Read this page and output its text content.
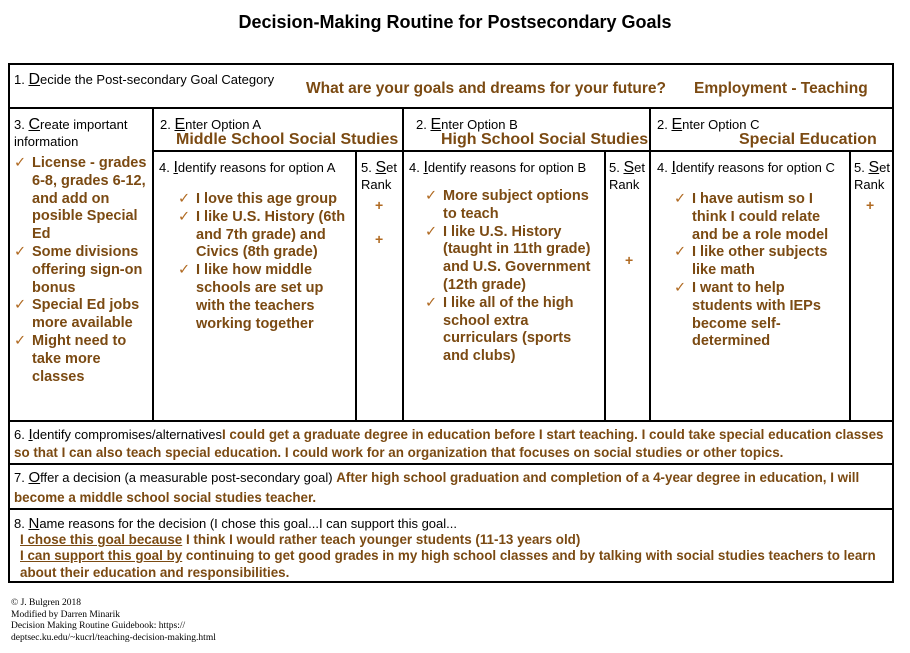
Decision-Making Routine for Postsecondary Goals
1. Decide the Post-secondary Goal Category
What are your goals and dreams for your future? Employment - Teaching
3. Create important information
✓ License - grades 6-8, grades 6-12, and add on posible Special Ed
✓ Some divisions offering sign-on bonus
✓ Special Ed jobs more available
✓ Might need to take more classes
2. Enter Option A
Middle School Social Studies
4. Identify reasons for option A
✓ I love this age group
✓ I like U.S. History (6th and 7th grade) and Civics (8th grade)
✓ I like how middle schools are set up with the teachers working together
5. Set Rank
+
+
2. Enter Option B
High School Social Studies
4. Identify reasons for option B
✓ More subject options to teach
✓ I like U.S. History (taught in 11th grade) and U.S. Government (12th grade)
✓ I like all of the high school extra curriculars (sports and clubs)
5. Set Rank
+
2. Enter Option C
Special Education
4. Identify reasons for option C
✓ I have autism so I think I could relate and be a role model
✓ I like other subjects like math
✓ I want to help students with IEPs become self-determined
5. Set Rank
+
6. Identify compromises/alternativesI could get a graduate degree in education before I start teaching. I could take special education classes so that I can also teach special education. I could work for an organization that focuses on social studies or other topics.
7. Offer a decision (a measurable post-secondary goal) After high school graduation and completion of a 4-year degree in education, I will become a middle school social studies teacher.
8. Name reasons for the decision (I chose this goal...I can support this goal...
I chose this goal because I think I would rather teach younger students (11-13 years old)
I can support this goal by continuing to get good grades in my high school classes and by talking with social studies teachers to learn about their education and responsibilities.
© J. Bulgren 2018
Modified by Darren Minarik
Decision Making Routine Guidebook: https://
deptsec.ku.edu/~kucrl/teaching-decision-making.html
